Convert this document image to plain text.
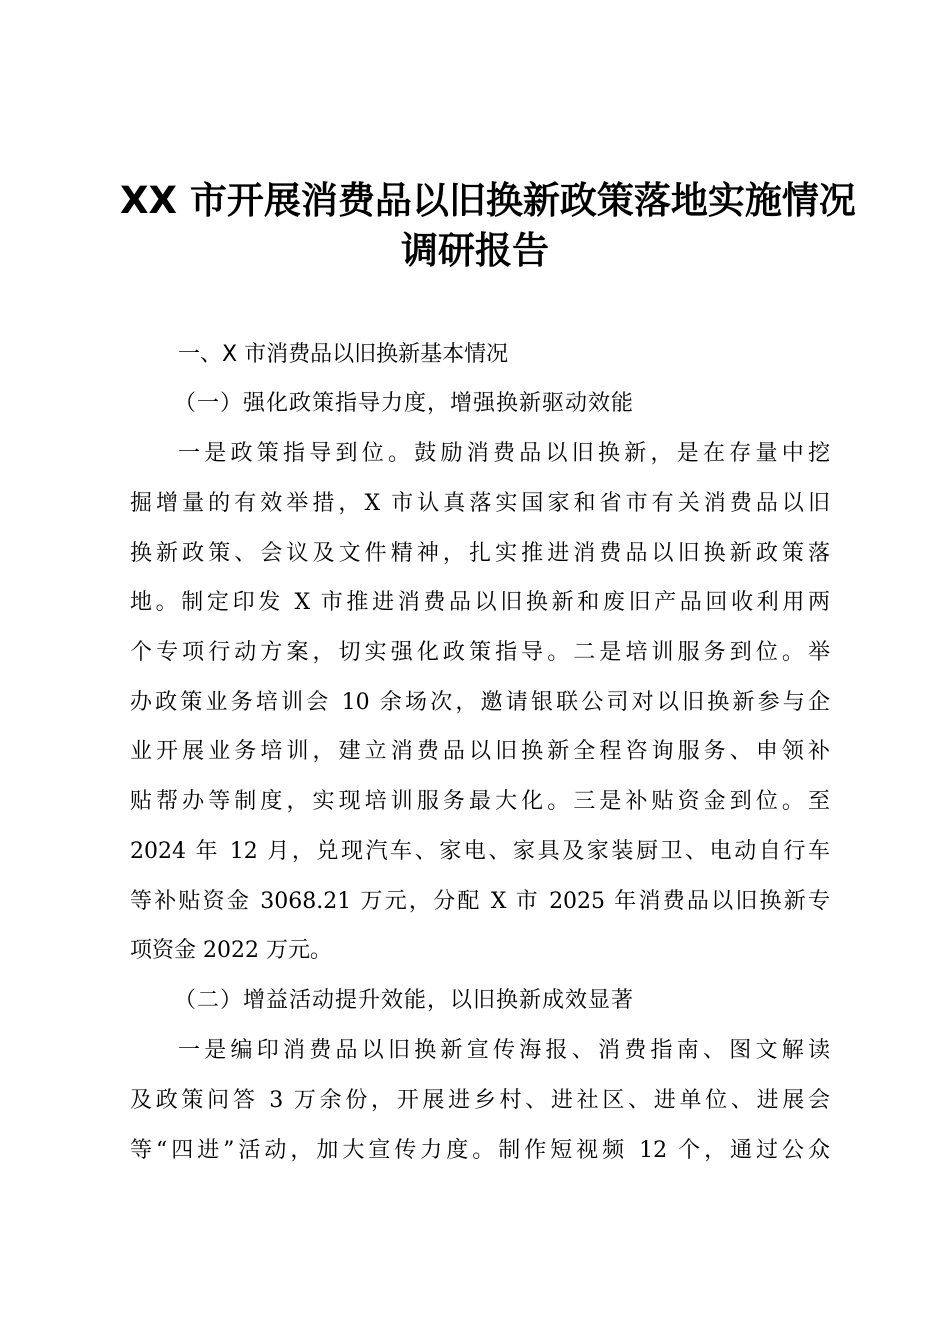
XX 市开展消费品以旧换新政策落地实施情况
调研报告
一、X 市消费品以旧换新基本情况
（一）强化政策指导力度，增强换新驱动效能
一是政策指导到位。鼓励消费品以旧换新，是在存量中挖
掘增量的有效举措，X 市认真落实国家和省市有关消费品以旧
换新政策、会议及文件精神，扎实推进消费品以旧换新政策落
地。制定印发 X 市推进消费品以旧换新和废旧产品回收利用两
个专项行动方案，切实强化政策指导。二是培训服务到位。举
办政策业务培训会 10 余场次，邀请银联公司对以旧换新参与企
业开展业务培训，建立消费品以旧换新全程咨询服务、申领补
贴帮办等制度，实现培训服务最大化。三是补贴资金到位。至
2024 年 12 月，兑现汽车、家电、家具及家装厨卫、电动自行车
等补贴资金 3068.21 万元，分配 X 市 2025 年消费品以旧换新专
项资金 2022 万元。
（二）增益活动提升效能，以旧换新成效显著
一是编印消费品以旧换新宣传海报、消费指南、图文解读
及政策问答 3 万余份，开展进乡村、进社区、进单位、进展会
等“四进”活动，加大宣传力度。制作短视频 12 个，通过公众
